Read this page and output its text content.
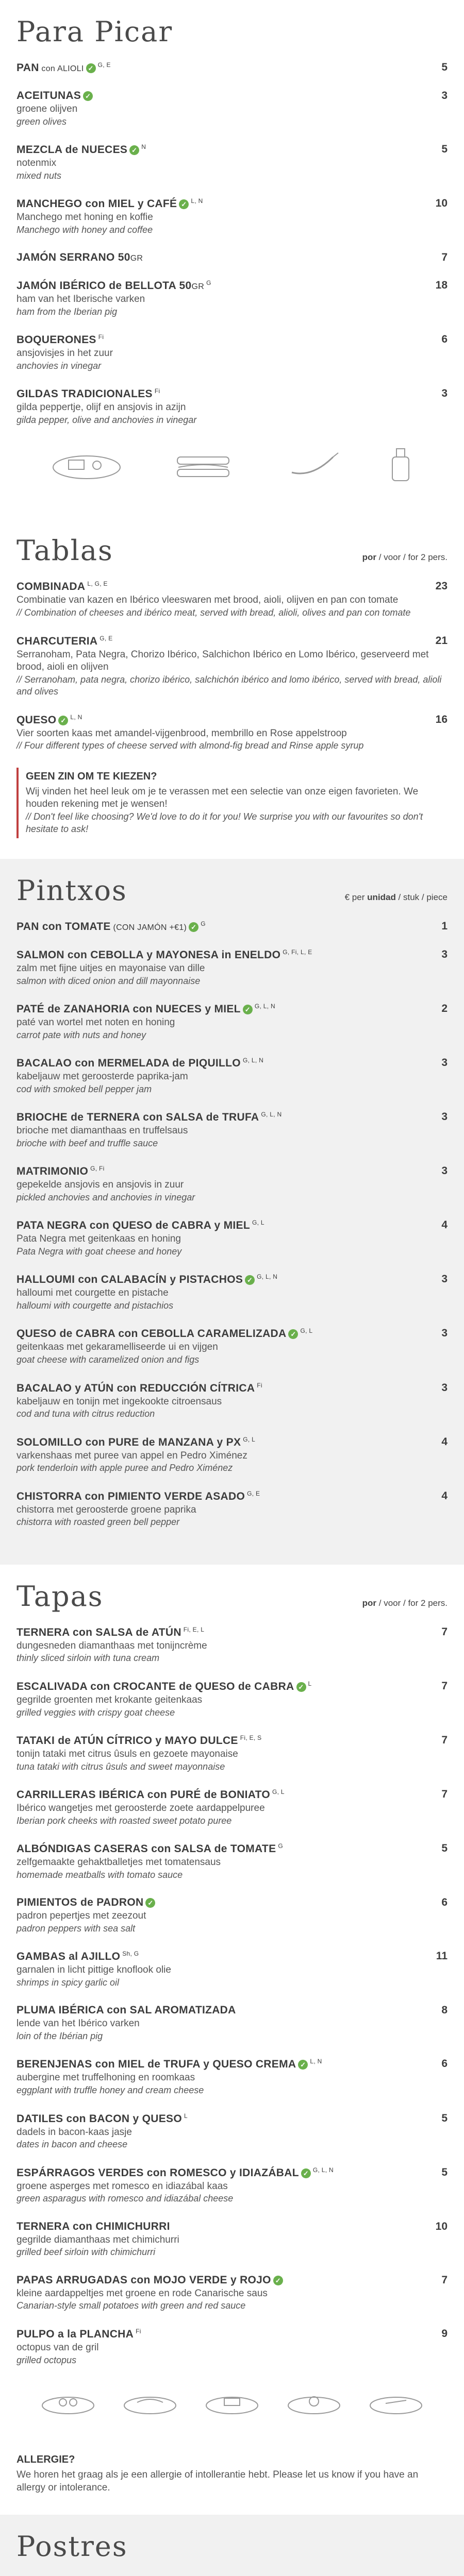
Para Picar
PAN con ALIOLI ✓ $^{G, E}$	5
ACEITUNAS ✓	3
groene olijven
green olives
MEZCLA de NUECES ✓ $^N$	5
notenmix
mixed nuts
MANCHEGO con MIEL y CAFÉ ✓ $^{L, N}$	10
Manchego met honing en koffie
Manchego with honey and coffee
JAMÓN SERRANO 50GR	7
JAMÓN IBÉRICO de BELLOTA 50GR $^G$	18
ham van het Iberische varken
ham from the Iberian pig
BOQUERONES $^{Fi}$	6
ansjovisjes in het zuur
anchovies in vinegar
GILDAS TRADICIONALES $^{Fi}$	3
gilda peppertje, olijf en ansjovis in azijn
gilda pepper, olive and anchovies in vinegar
Tablas	por / voor / for 2 pers.
COMBINADA $^{L, G, E}$	23
Combinatie van kazen en Ibérico vleeswaren met brood, aioli, olijven en pan con tomate
// Combination of cheeses and ibérico meat, served with bread, alioli, olives and pan con tomate
CHARCUTERIA $^{G, E}$	21
Serranoham, Pata Negra, Chorizo Ibérico, Salchichon Ibérico en Lomo Ibérico, geserveerd met brood, aioli en olijven
// Serranoham, pata negra, chorizo ibérico, salchichón ibérico and lomo ibérico, served with bread, alioli and olives
QUESO ✓ $^{L, N}$	16
Vier soorten kaas met amandel-vijgenbrood, membrillo en Rose appelstroop
// Four different types of cheese served with almond-fig bread and Rinse apple syrup
GEEN ZIN OM TE KIEZEN?
Wij vinden het heel leuk om je te verassen met een selectie van onze eigen favorieten. We houden rekening met je wensen!
// Don't feel like choosing? We'd love to do it for you! We surprise you with our favourites so don't hesitate to ask!
Pintxos	€ per unidad / stuk / piece
PAN con TOMATE (CON JAMÓN +€1) ✓ $^G$	1
SALMON con CEBOLLA y MAYONESA in ENELDO $^{G, Fi, L, E}$	3
zalm met fijne uitjes en mayonaise van dille
salmon with diced onion and dill mayonnaise
PATÉ de ZANAHORIA con NUECES y MIEL ✓ $^{G, L, N}$	2
paté van wortel met noten en honing
carrot pate with nuts and honey
BACALAO con MERMELADA de PIQUILLO $^{G, L, N}$	3
kabeljauw met geroosterde paprika-jam
cod with smoked bell pepper jam
BRIOCHE de TERNERA con SALSA de TRUFA $^{G, L, N}$	3
brioche met diamanthaas en truffelsaus
brioche with beef and truffle sauce
MATRIMONIO $^{G, Fi}$	3
gepekelde ansjovis en ansjovis in zuur
pickled anchovies and anchovies in vinegar
PATA NEGRA con QUESO de CABRA y MIEL $^{G, L}$	4
Pata Negra met geitenkaas en honing
Pata Negra with goat cheese and honey
HALLOUMI con CALABACÍN y PISTACHOS ✓ $^{G, L, N}$	3
halloumi met courgette en pistache
halloumi with courgette and pistachios
QUESO de CABRA con CEBOLLA CARAMELIZADA ✓ $^{G, L}$	3
geitenkaas met gekaramelliseerde ui en vijgen
goat cheese with caramelized onion and figs
BACALAO y ATÚN con REDUCCIÓN CÍTRICA $^{Fi}$	3
kabeljauw en tonijn met ingekookte citroensaus
cod and tuna with citrus reduction
SOLOMILLO con PURE de MANZANA y PX $^{G, L}$	4
varkenshaas met puree van appel en Pedro Ximénez
pork tenderloin with apple puree and Pedro Ximénez
CHISTORRA con PIMIENTO VERDE ASADO $^{G, E}$	4
chistorra met geroosterde groene paprika
chistorra with roasted green bell pepper
Tapas	por / voor / for 2 pers.
TERNERA con SALSA de ATÚN $^{Fi, E, L}$	7
dungesneden diamanthaas met tonijncrème
thinly sliced sirloin with tuna cream
ESCALIVADA con CROCANTE de QUESO de CABRA ✓ $^L$	7
gegrilde groenten met krokante geitenkaas
grilled veggies with crispy goat cheese
TATAKI de ATÚN CÍTRICO y MAYO DULCE $^{Fi, E, S}$	7
tonijn tataki met citrus ûsuls en gezoete mayonaise
tuna tataki with citrus ûsuls and sweet mayonnaise
CARRILLERAS IBÉRICA con PURÉ de BONIATO $^{G, L}$	7
Ibérico wangetjes met geroosterde zoete aardappelpuree
Iberian pork cheeks with roasted sweet potato puree
ALBÓNDIGAS CASERAS con SALSA de TOMATE $^G$	5
zelfgemaakte gehaktballetjes met tomatensaus
homemade meatballs with tomato sauce
PIMIENTOS de PADRON ✓	6
padron pepertjes met zeezout
padron peppers with sea salt
GAMBAS al AJILLO $^{Sh, G}$	11
garnalen in licht pittige knoflook olie
shrimps in spicy garlic oil
PLUMA IBÉRICA con SAL AROMATIZADA	8
lende van het Ibérico varken
loin of the Ibérian pig
BERENJENAS con MIEL de TRUFA y QUESO CREMA ✓ $^{L, N}$	6
aubergine met truffelhoning en roomkaas
eggplant with truffle honey and cream cheese
DATILES con BACON y QUESO $^L$	5
dadels in bacon-kaas jasje
dates in bacon and cheese
ESPÁRRAGOS VERDES con ROMESCO y IDIAZÁBAL ✓ $^{G, L, N}$	5
groene asperges met romesco en idiazábal kaas
green asparagus with romesco and idiazábal cheese
TERNERA con CHIMICHURRI	10
gegrilde diamanthaas met chimichurri
grilled beef sirloin with chimichurri
PAPAS ARRUGADAS con MOJO VERDE y ROJO ✓	7
kleine aardappeltjes met groene en rode Canarische saus
Canarian-style small potatoes with green and red sauce
PULPO a la PLANCHA $^{Fi}$	9
octopus van de gril
grilled octopus
ALLERGIE?
We horen het graag als je een allergie of intollerantie hebt. Please let us know if you have an allergy or intolerance.
Postres
